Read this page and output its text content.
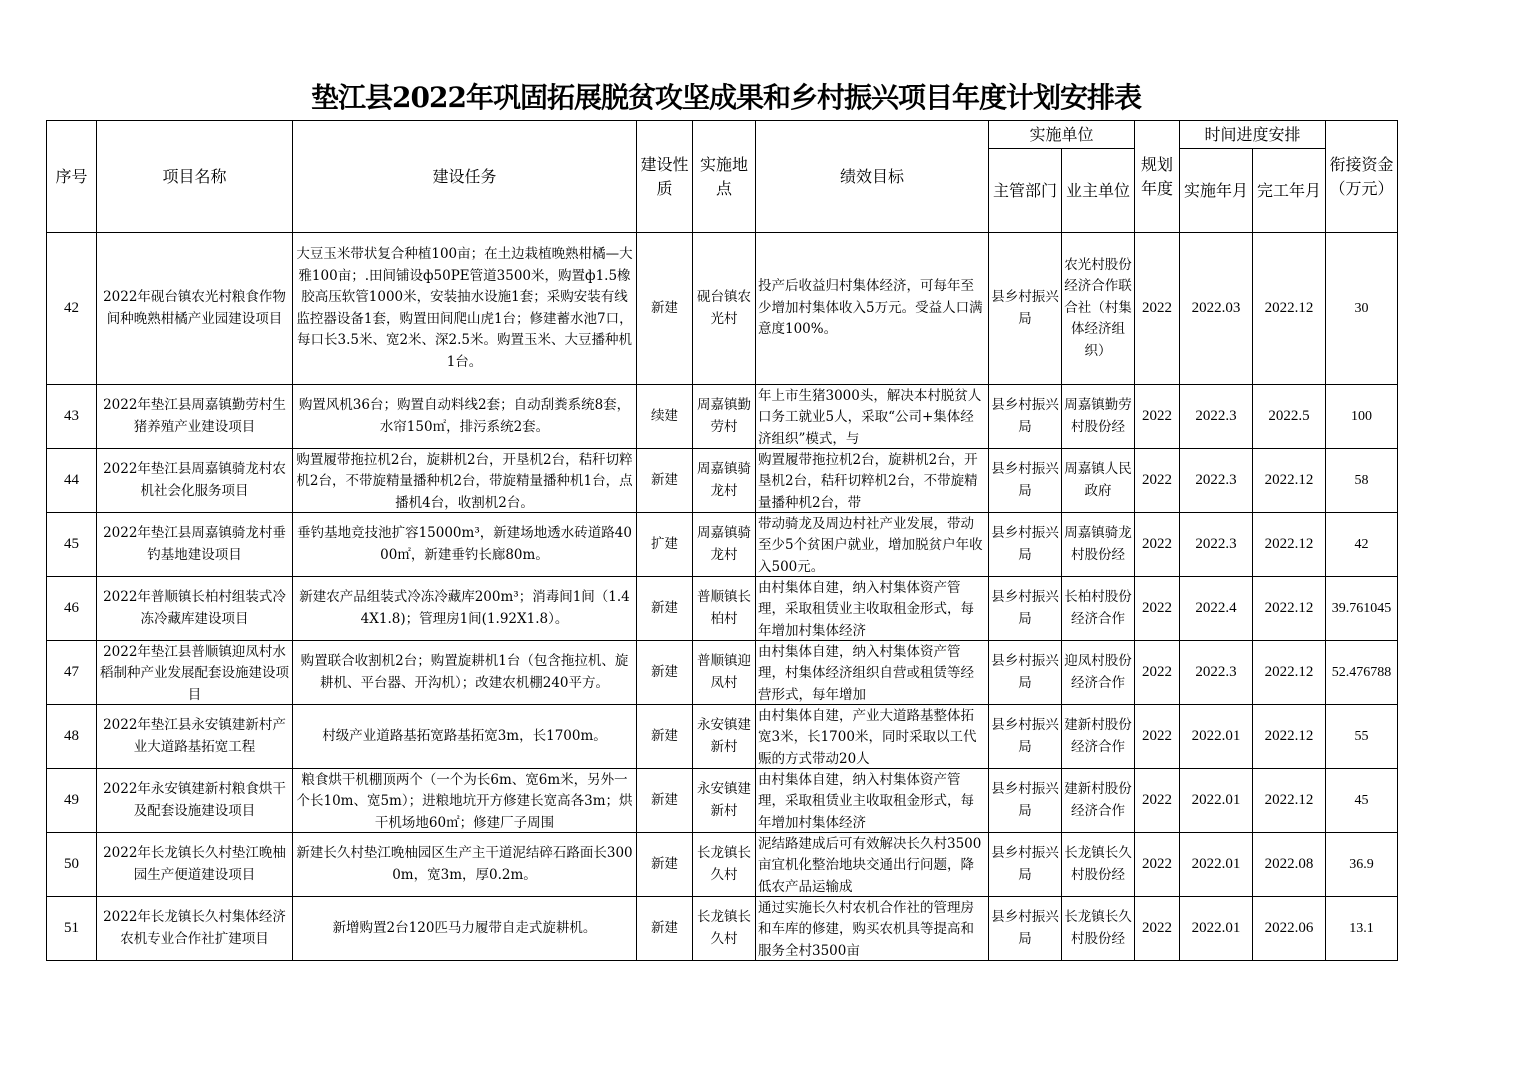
垫江县2022年巩固拓展脱贫攻坚成果和乡村振兴项目年度计划安排表
序号	项目名称	建设任务	建设性质	实施地点	绩效目标	实施单位		规划年度	时间进度安排		衔接资金（万元）
						主管部门	业主单位		实施年月	完工年月	

42	2022年砚台镇农光村粮食作物间种晚熟柑橘产业园建设项目	大豆玉米带状复合种植100亩；在土边栽植晚熟柑橘—大雅100亩；.田间铺设ф50PE管道3500米，购置ф1.5橡胶高压软管1000米，安装抽水设施1套；采购安装有线监控器设备1套，购置田间爬山虎1台；修建蓄水池7口，每口长3.5米、宽2米、深2.5米。购置玉米、大豆播种机1台。	新建	砚台镇农光村	投产后收益归村集体经济，可每年至少增加村集体收入5万元。受益人口满意度100%。	县乡村振兴局	农光村股份经济合作联合社（村集体经济组织）	2022	2022.03	2022.12	30

43	2022年垫江县周嘉镇勤劳村生猪养殖产业建设项目	购置风机36台；购置自动料线2套；自动刮粪系统8套，水帘150㎡，排污系统2套。	续建	周嘉镇勤劳村	年上市生猪3000头，解决本村脱贫人口务工就业5人，采取“公司+集体经济组织”模式，与	县乡村振兴局	周嘉镇勤劳村股份经	2022	2022.3	2022.5	100

44	2022年垫江县周嘉镇骑龙村农机社会化服务项目	购置履带拖拉机2台，旋耕机2台，开垦机2台，秸秆切粹机2台，不带旋精量播种机2台，带旋精量播种机1台，点播机4台，收割机2台。	新建	周嘉镇骑龙村	购置履带拖拉机2台，旋耕机2台，开垦机2台，秸秆切粹机2台，不带旋精量播种机2台，带	县乡村振兴局	周嘉镇人民政府	2022	2022.3	2022.12	58

45	2022年垫江县周嘉镇骑龙村垂钓基地建设项目	垂钓基地竞技池扩容15000m³，新建场地透水砖道路4000㎡，新建垂钓长廊80m。	扩建	周嘉镇骑龙村	带动骑龙及周边村社产业发展，带动至少5个贫困户就业，增加脱贫户年收入500元。	县乡村振兴局	周嘉镇骑龙村股份经	2022	2022.3	2022.12	42

46	2022年普顺镇长柏村组装式冷冻冷藏库建设项目	新建农产品组装式冷冻冷藏库200m³；消毒间1间（1.44X1.8)；管理房1间(1.92X1.8）。	新建	普顺镇长柏村	由村集体自建，纳入村集体资产管理，采取租赁业主收取租金形式，每年增加村集体经济	县乡村振兴局	长柏村股份经济合作	2022	2022.4	2022.12	39.761045

47	2022年垫江县普顺镇迎凤村水稻制种产业发展配套设施建设项目	购置联合收割机2台；购置旋耕机1台（包含拖拉机、旋耕机、平台器、开沟机）；改建农机棚240平方。	新建	普顺镇迎凤村	由村集体自建，纳入村集体资产管理，村集体经济组织自营或租赁等经营形式，每年增加	县乡村振兴局	迎凤村股份经济合作	2022	2022.3	2022.12	52.476788

48	2022年垫江县永安镇建新村产业大道路基拓宽工程	村级产业道路基拓宽路基拓宽3m，长1700m。	新建	永安镇建新村	由村集体自建，产业大道路基整体拓宽3米，长1700米，同时采取以工代赈的方式带动20人	县乡村振兴局	建新村股份经济合作	2022	2022.01	2022.12	55

49	2022年永安镇建新村粮食烘干及配套设施建设项目	粮食烘干机棚顶两个（一个为长6m、宽6m米，另外一个长10m、宽5m）；进粮地坑开方修建长宽高各3m；烘干机场地60㎡；修建厂子周围	新建	永安镇建新村	由村集体自建，纳入村集体资产管理，采取租赁业主收取租金形式，每年增加村集体经济	县乡村振兴局	建新村股份经济合作	2022	2022.01	2022.12	45

50	2022年长龙镇长久村垫江晚柚园生产便道建设项目	新建长久村垫江晚柚园区生产主干道泥结碎石路面长3000m，宽3m，厚0.2m。	新建	长龙镇长久村	泥结路建成后可有效解决长久村3500亩宜机化整治地块交通出行问题，降低农产品运输成	县乡村振兴局	长龙镇长久村股份经	2022	2022.01	2022.08	36.9

51	2022年长龙镇长久村集体经济农机专业合作社扩建项目	新增购置2台120匹马力履带自走式旋耕机。	新建	长龙镇长久村	通过实施长久村农机合作社的管理房和车库的修建，购买农机具等提高和服务全村3500亩	县乡村振兴局	长龙镇长久村股份经	2022	2022.01	2022.06	13.1
